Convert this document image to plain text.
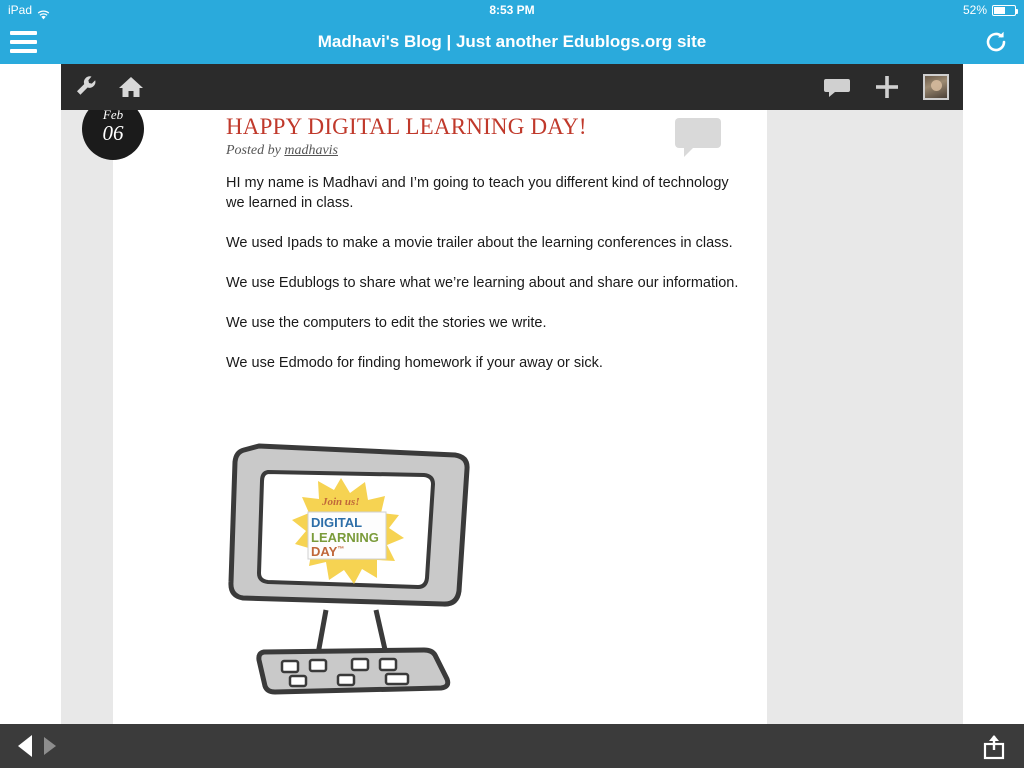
iPad	8:53 PM	52%
Madhavi's Blog | Just another Edublogs.org site
Feb
06	HAPPY DIGITAL LEARNING DAY!
Posted by madhavis

HI my name is Madhavi and I’m going to teach you different kind of technology we learned in class.

We used Ipads to make a movie trailer about the learning conferences in class.

We use Edublogs to share what we’re learning about and share our information.

We use the computers to edit the stories we write.

We use Edmodo for finding homework if your away or sick.

Join us!
DIGITAL
LEARNING
DAY™
